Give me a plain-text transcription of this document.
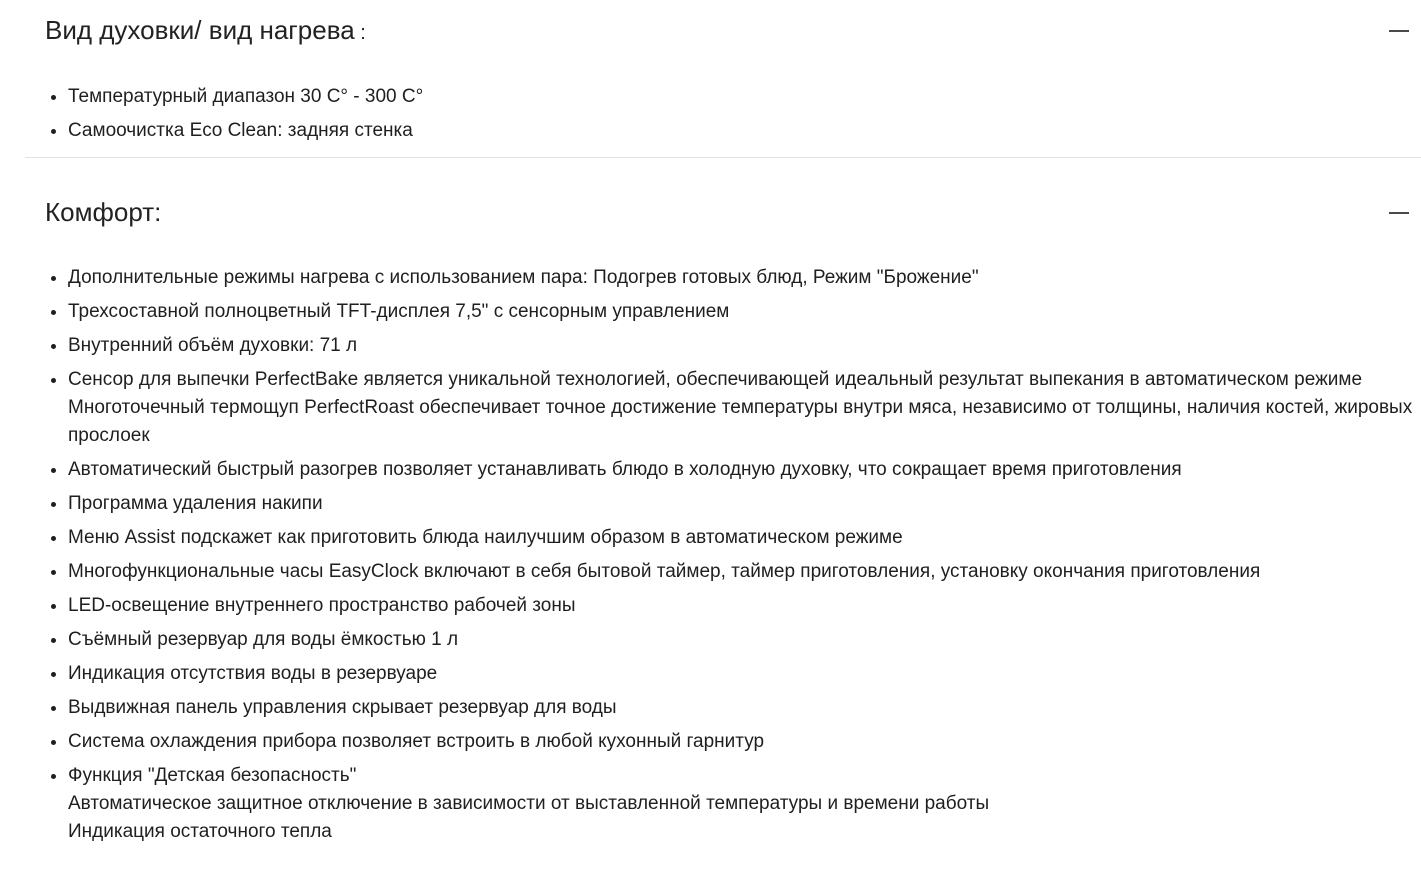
Вид духовки/ вид нагрева :
• Температурный диапазон 30 C° - 300 C°
• Самоочистка Eco Clean: задняя стенка
Комфорт:
• Дополнительные режимы нагрева с использованием пара: Подогрев готовых блюд, Режим "Брожение"
• Трехсоставной полноцветный TFT-дисплея 7,5" с сенсорным управлением
• Внутренний объём духовки: 71 л
• Сенсор для выпечки PerfectBake является уникальной технологией, обеспечивающей идеальный результат выпекания в автоматическом режиме
Многоточечный термощуп PerfectRoast обеспечивает точное достижение температуры внутри мяса, независимо от толщины, наличия костей, жировых прослоек
• Автоматический быстрый разогрев позволяет устанавливать блюдо в холодную духовку, что сокращает время приготовления
• Программа удаления накипи
• Меню Assist подскажет как приготовить блюда наилучшим образом в автоматическом режиме
• Многофункциональные часы EasyClock включают в себя бытовой таймер, таймер приготовления, установку окончания приготовления
• LED-освещение внутреннего пространство рабочей зоны
• Съёмный резервуар для воды ёмкостью 1 л
• Индикация отсутствия воды в резервуаре
• Выдвижная панель управления скрывает резервуар для воды
• Система охлаждения прибора позволяет встроить в любой кухонный гарнитур
• Функция "Детская безопасность"
Автоматическое защитное отключение в зависимости от выставленной температуры и времени работы
Индикация остаточного тепла
